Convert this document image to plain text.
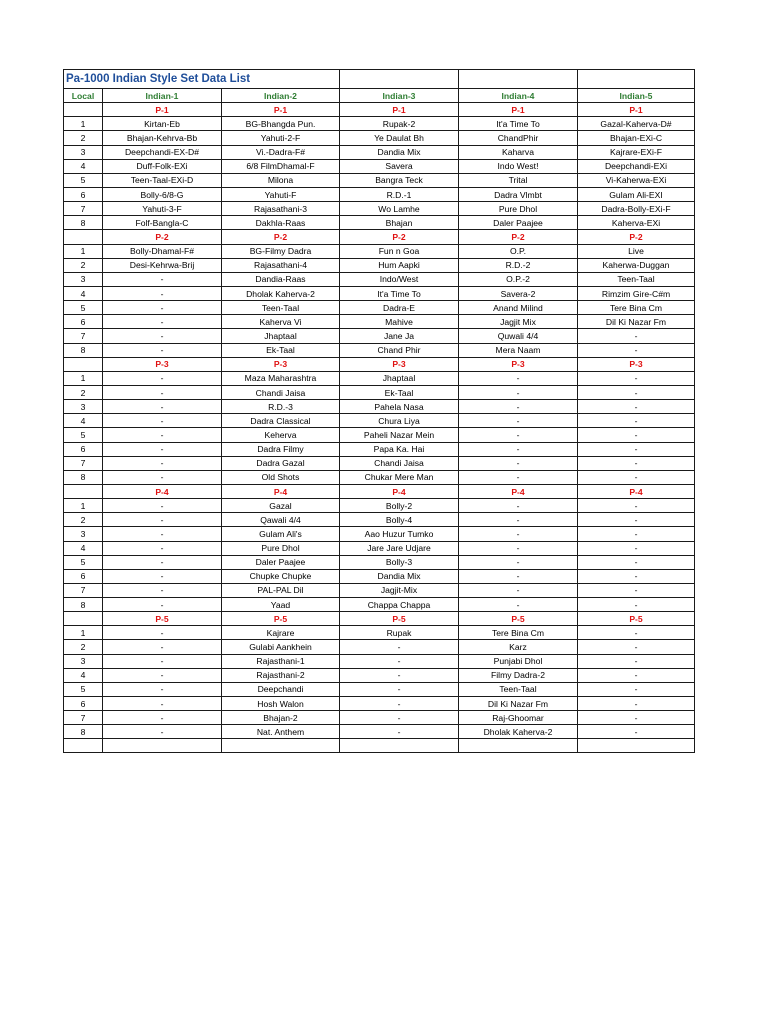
Pa-1000 Indian Style Set Data List					
Local	Indian-1	Indian-2	Indian-3	Indian-4	Indian-5
	P-1	P-1	P-1	P-1	P-1
1	Kirtan-Eb	BG-Bhangda Pun.	Rupak-2	It'a Time To	Gazal-Kaherva-D#
2	Bhajan-Kehrva-Bb	Yahuti-2-F	Ye Daulat Bh	ChandPhir	Bhajan-EXi-C
3	Deepchandi-EX-D#	Vi.-Dadra-F#	Dandia Mix	Kaharva	Kajrare-EXi-F
4	Duff-Folk-EXi	6/8 FilmDhamal-F	Savera	Indo West!	Deepchandi-EXi
5	Teen-Taal-EXi-D	Milona	Bangra Teck	Trital	Vi-Kaherwa-EXi
6	Bolly-6/8-G	Yahuti-F	R.D.-1	Dadra Vlmbt	Gulam Ali-EXI
7	Yahuti-3-F	Rajasathani-3	Wo Lamhe	Pure Dhol	Dadra-Bolly-EXi-F
8	Folf-Bangla-C	Dakhla-Raas	Bhajan	Daler Paajee	Kaherva-EXi
	P-2	P-2	P-2	P-2	P-2
1	Bolly-Dhamal-F#	BG-Filmy Dadra	Fun n Goa	O.P.	Live
2	Desi-Kehrwa-Brij	Rajasathani-4	Hum Aapki	R.D.-2	Kaherwa-Duggan
3	-	Dandia-Raas	Indo/West	O.P.-2	Teen-Taal
4	-	Dholak Kaherva-2	It'a Time To	Savera-2	Rimzim Gire-C#m
5	-	Teen-Taal	Dadra-E	Anand Milind	Tere Bina Cm
6	-	Kaherva Vi	Mahive	Jagjit Mix	Dil Ki Nazar Fm
7	-	Jhaptaal	Jane Ja	Quwali 4/4	-
8	-	Ek-Taal	Chand Phir	Mera Naam	-
	P-3	P-3	P-3	P-3	P-3
1	-	Maza Maharashtra	Jhaptaal	-	-
2	-	Chandi Jaisa	Ek-Taal	-	-
3	-	R.D.-3	Pahela Nasa	-	-
4	-	Dadra Classical	Chura Liya	-	-
5	-	Keherva	Paheli Nazar Mein	-	-
6	-	Dadra Filmy	Papa Ka. Hai	-	-
7	-	Dadra Gazal	Chandi Jaisa	-	-
8	-	Old Shots	Chukar Mere Man	-	-
	P-4	P-4	P-4	P-4	P-4
1	-	Gazal	Bolly-2	-	-
2	-	Qawali 4/4	Bolly-4	-	-
3	-	Gulam Ali's	Aao Huzur Tumko	-	-
4	-	Pure Dhol	Jare Jare Udjare	-	-
5	-	Daler Paajee	Bolly-3	-	-
6	-	Chupke Chupke	Dandia Mix	-	-
7	-	PAL-PAL Dil	Jagjit-Mix	-	-
8	-	Yaad	Chappa Chappa	-	-
	P-5	P-5	P-5	P-5	P-5
1	-	Kajrare	Rupak	Tere Bina Cm	-
2	-	Gulabi Aankhein	-	Karz	-
3	-	Rajasthani-1	-	Punjabi Dhol	-
4	-	Rajasthani-2	-	Filmy Dadra-2	-
5	-	Deepchandi	-	Teen-Taal	-
6	-	Hosh Walon	-	Dil Ki Nazar Fm	-
7	-	Bhajan-2	-	Raj-Ghoomar	-
8	-	Nat. Anthem	-	Dholak Kaherva-2	-
